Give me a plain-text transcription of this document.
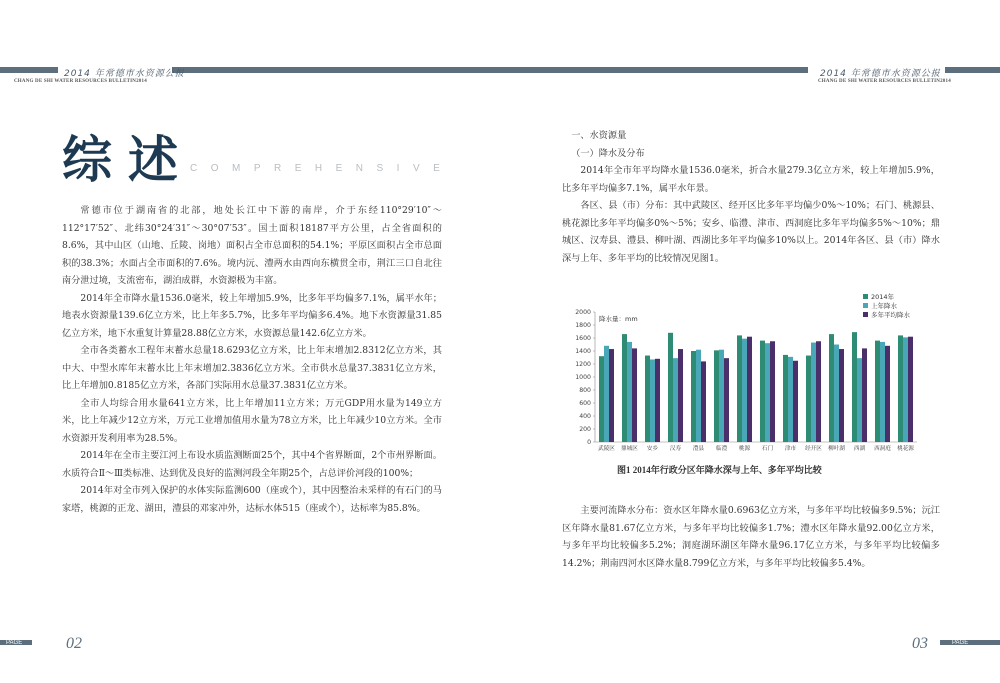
2014 年常德市水资源公报
CHANG DE SHI WATER RESOURCES BULLETIN2014
2014 年常德市水资源公报
CHANG DE SHI WATER RESOURCES BULLETIN2014
综述
COMPREHENSIVE

常德市位于湖南省的北部，地处长江中下游的南岸，介于东经110°29′10″～112°17′52″、北纬30°24′31″～30°07′53″。国土面积18187平方公里，占全省面积的8.6%，其中山区（山地、丘陵、岗地）面积占全市总面积的54.1%；平原区面积占全市总面积的38.3%；水面占全市面积的7.6%。境内沅、澧两水由西向东横贯全市，荆江三口自北往南分泄过境，支流密布，湖泊成群，水资源极为丰富。

2014年全市降水量1536.0毫米，较上年增加5.9%，比多年平均偏多7.1%，属平水年；地表水资源量139.6亿立方米，比上年多5.7%，比多年平均偏多6.4%。地下水资源量31.85亿立方米，地下水重复计算量28.88亿立方米，水资源总量142.6亿立方米。

全市各类蓄水工程年末蓄水总量18.6293亿立方米，比上年末增加2.8312亿立方米，其中大、中型水库年末蓄水比上年末增加2.3836亿立方米。全市供水总量37.3831亿立方米，比上年增加0.8185亿立方米，各部门实际用水总量37.3831亿立方米。

全市人均综合用水量641立方米，比上年增加11立方米；万元GDP用水量为149立方米，比上年减少12立方米，万元工业增加值用水量为78立方米，比上年减少10立方米。全市水资源开发利用率为28.5%。

2014年在全市主要江河上布设水质监测断面25个，其中4个省界断面，2个市州界断面。水质符合Ⅱ～Ⅲ类标准、达到优及良好的监测河段全年期25个，占总评价河段的100%；

2014年对全市列入保护的水体实际监测600（座或个），其中因整治未采样的有石门的马家塔，桃源的正龙、湖田，澧县的邓家冲外，达标水体515（座或个），达标率为85.8%。

一、水资源量
（一）降水及分布

2014年全市年平均降水量1536.0毫米，折合水量279.3亿立方米，较上年增加5.9%，比多年平均偏多7.1%，属平水年景。

各区、县（市）分布：其中武陵区、经开区比多年平均偏少0%～10%；石门、桃源县、桃花源比多年平均偏多0%～5%；安乡、临澧、津市、西洞庭比多年平均偏多5%～10%；鼎城区、汉寿县、澧县、柳叶湖、西湖比多年平均偏多10%以上。2014年各区、县（市）降水深与上年、多年平均的比较情况见图1。

0
200
400
600
800
1000
1200
1400
1600
1800
2000
降水量：mm
武陵区 鼎城区 安乡 汉寿 澧县 临澧 桃源 石门 津市 经开区 柳叶湖 西湖 西洞庭 桃花源
2014年
上年降水
多年平均降水
图1 2014年行政分区年降水深与上年、多年平均比较

主要河流降水分布：资水区年降水量0.6963亿立方米，与多年平均比较偏多9.5%；沅江区年降水量81.67亿立方米，与多年平均比较偏多1.7%；澧水区年降水量92.00亿立方米，与多年平均比较偏多5.2%；洞庭湖环湖区年降水量96.17亿立方米，与多年平均比较偏多14.2%；荆南四河水区降水量8.799亿立方米，与多年平均比较偏多5.4%。

PAGE	02	03	PAGE
